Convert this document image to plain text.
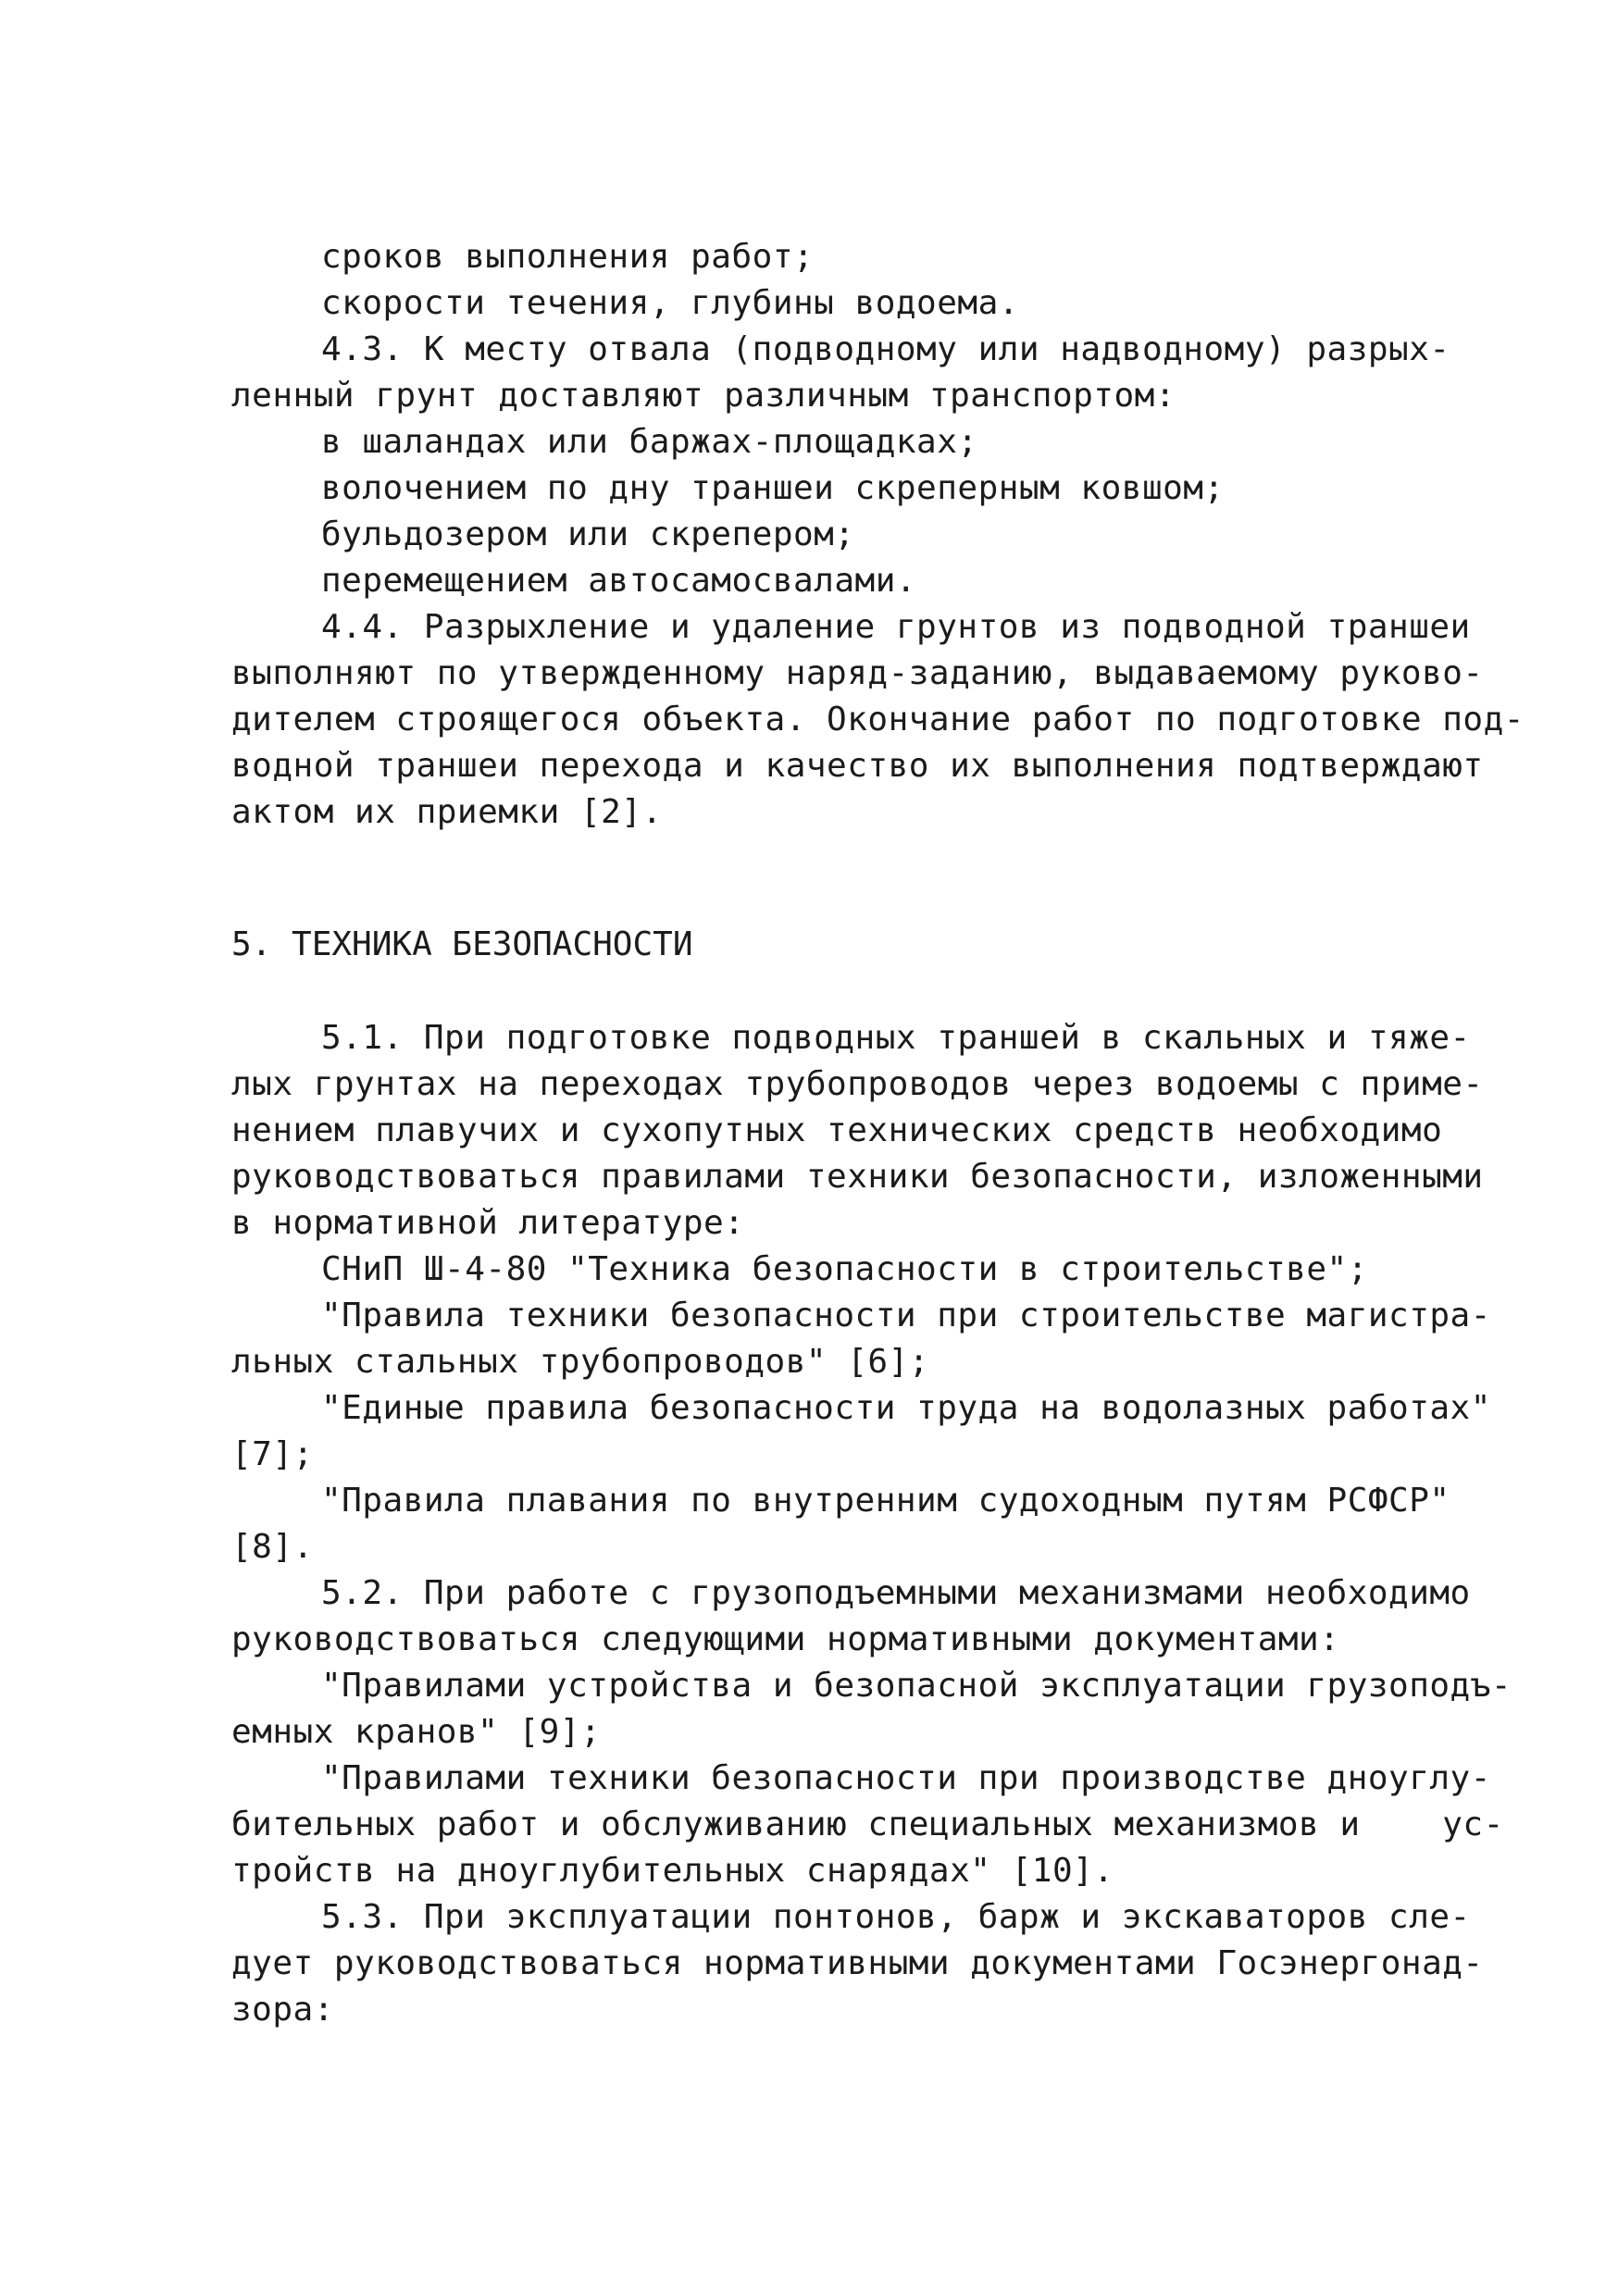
сроков выполнения работ;
скорости течения, глубины водоема.
4.3. К месту отвала (подводному или надводному) разрых-
ленный грунт доставляют различным транспортом:
в шаландах или баржах-площадках;
волочением по дну траншеи скреперным ковшом;
бульдозером или скрепером;
перемещением автосамосвалами.
4.4. Разрыхление и удаление грунтов из подводной траншеи
выполняют по утвержденному наряд-заданию, выдаваемому руково-
дителем строящегося объекта. Окончание работ по подготовке под-
водной траншеи перехода и качество их выполнения подтверждают
актом их приемки [2].
5. ТЕХНИКА БЕЗОПАСНОСТИ
5.1. При подготовке подводных траншей в скальных и тяже-
лых грунтах на переходах трубопроводов через водоемы с приме-
нением плавучих и сухопутных технических средств необходимо
руководствоваться правилами техники безопасности, изложенными
в нормативной литературе:
СНиП Ш-4-80 "Техника безопасности в строительстве";
"Правила техники безопасности при строительстве магистра-
льных стальных трубопроводов" [6];
"Единые правила безопасности труда на водолазных работах"
[7];
"Правила плавания по внутренним судоходным путям РСФСР"
[8].
5.2. При работе с грузоподъемными механизмами необходимо
руководствоваться следующими нормативными документами:
"Правилами устройства и безопасной эксплуатации грузоподъ-
емных кранов" [9];
"Правилами техники безопасности при производстве дноуглу-
бительных работ и обслуживанию специальных механизмов и    ус-
тройств на дноуглубительных снарядах" [10].
5.3. При эксплуатации понтонов, барж и экскаваторов сле-
дует руководствоваться нормативными документами Госэнергонад-
зора:
